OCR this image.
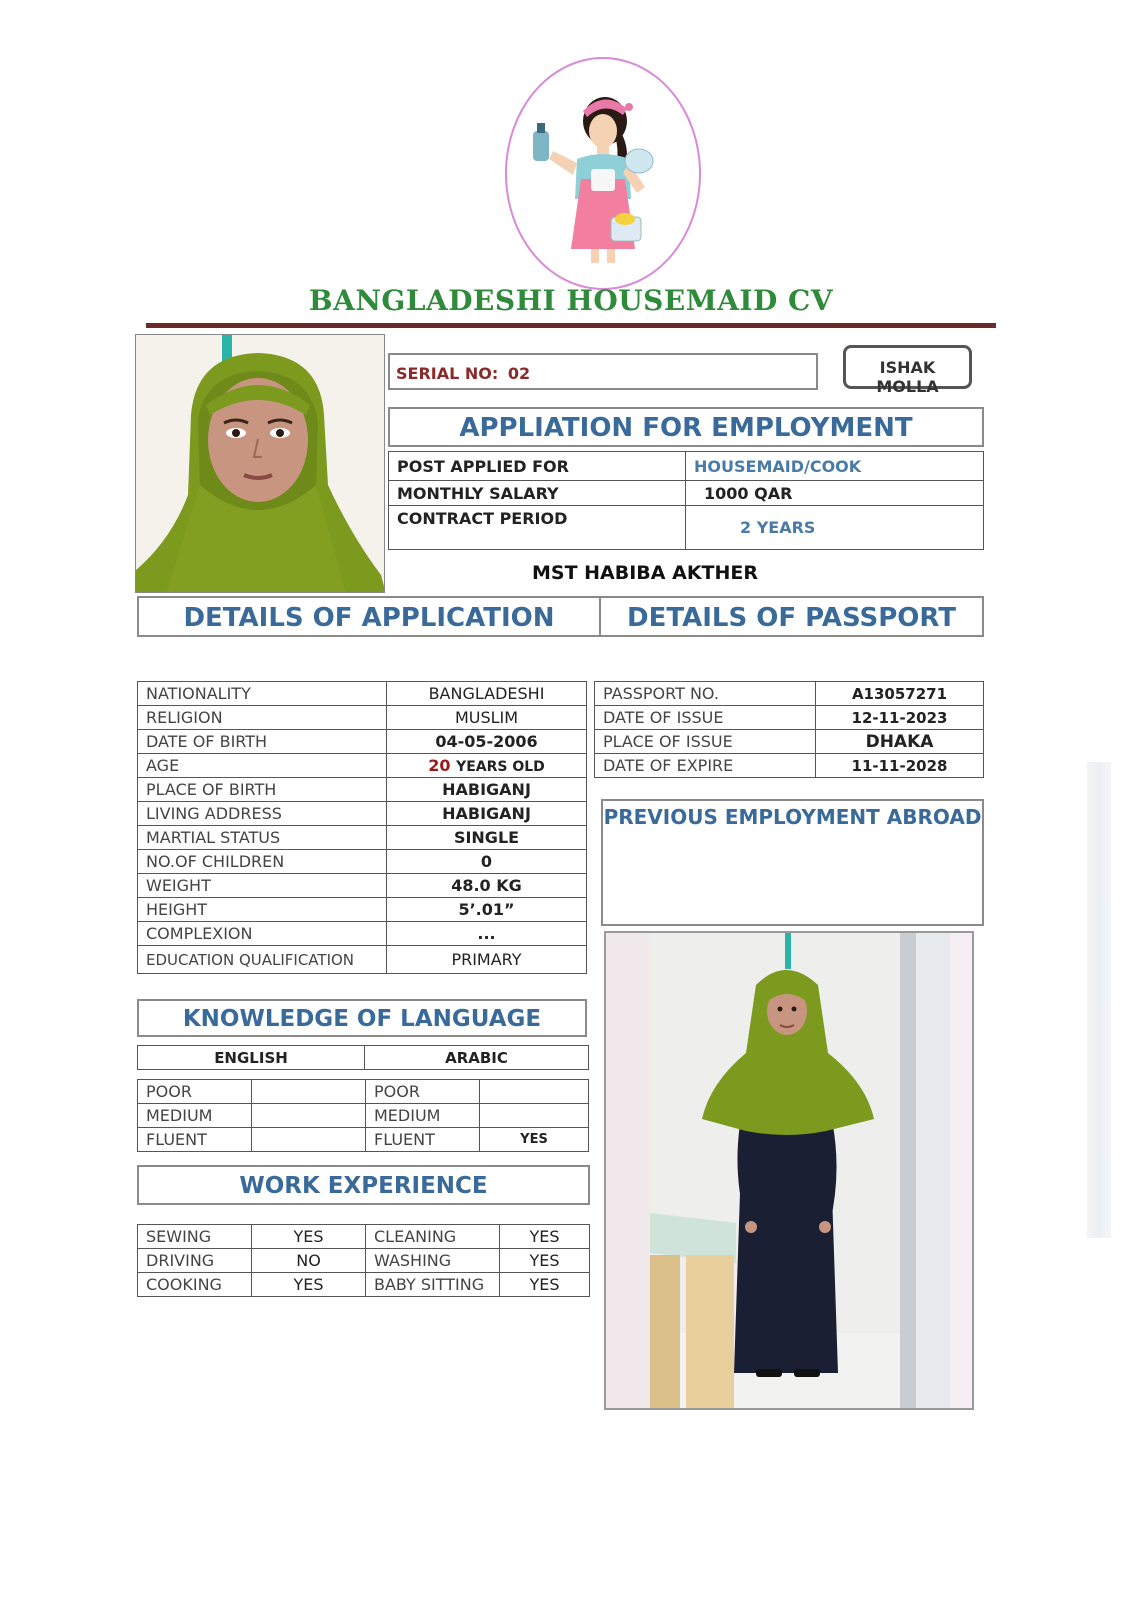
BANGLADESHI HOUSEMAID CV
SERIAL NO: 02	ISHAK MOLLA
APPLIATION FOR EMPLOYMENT
POST APPLIED FOR	HOUSEMAID/COOK
MONTHLY SALARY	1000 QAR
CONTRACT PERIOD	2 YEARS
MST HABIBA AKTHER
DETAILS OF APPLICATION	DETAILS OF PASSPORT
NATIONALITY	BANGLADESHI
RELIGION	MUSLIM
DATE OF BIRTH	04-05-2006
AGE	20 YEARS OLD
PLACE OF BIRTH	HABIGANJ
LIVING ADDRESS	HABIGANJ
MARTIAL STATUS	SINGLE
NO.OF CHILDREN	0
WEIGHT	48.0 KG
HEIGHT	5’.01”
COMPLEXION	...
EDUCATION QUALIFICATION	PRIMARY
PASSPORT NO.	A13057271
DATE OF ISSUE	12-11-2023
PLACE OF ISSUE	DHAKA
DATE OF EXPIRE	11-11-2028
PREVIOUS EMPLOYMENT ABROAD
KNOWLEDGE OF LANGUAGE
ENGLISH	ARABIC
POOR		POOR	
MEDIUM		MEDIUM	
FLUENT		FLUENT	YES
WORK EXPERIENCE
SEWING	YES	CLEANING	YES
DRIVING	NO	WASHING	YES
COOKING	YES	BABY SITTING	YES
